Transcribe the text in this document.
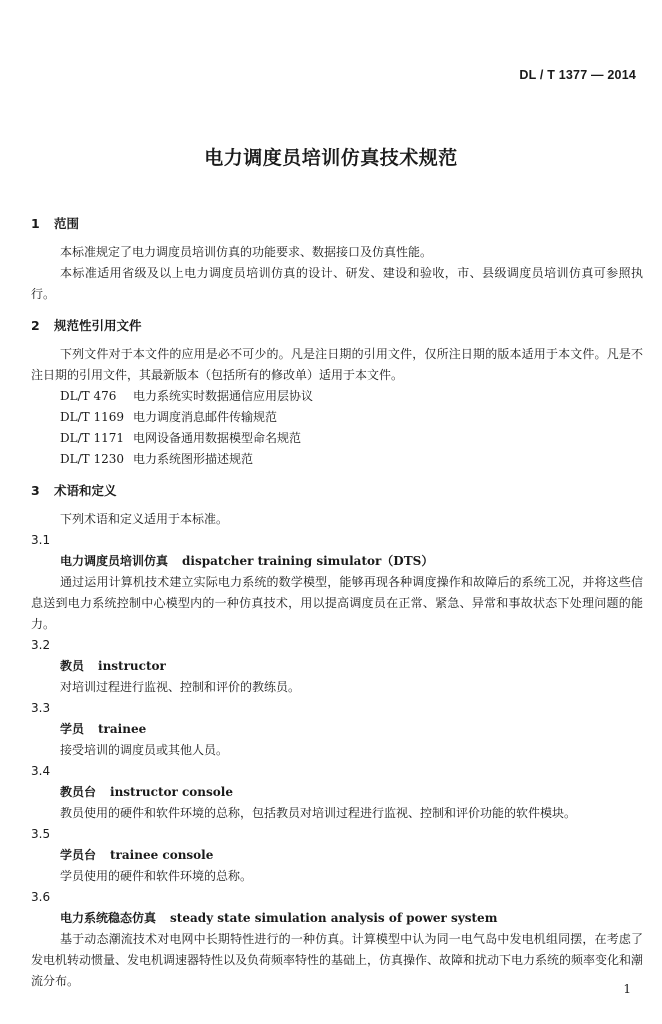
DL / T 1377 — 2014
电力调度员培训仿真技术规范

1 范围

本标准规定了电力调度员培训仿真的功能要求、数据接口及仿真性能。

本标准适用省级及以上电力调度员培训仿真的设计、研发、建设和验收，市、县级调度员培训仿真可参照执行。

2 规范性引用文件

下列文件对于本文件的应用是必不可少的。凡是注日期的引用文件，仅所注日期的版本适用于本文件。凡是不注日期的引用文件，其最新版本（包括所有的修改单）适用于本文件。

DL/T 476 电力系统实时数据通信应用层协议

DL/T 1169 电力调度消息邮件传输规范

DL/T 1171 电网设备通用数据模型命名规范

DL/T 1230 电力系统图形描述规范

3 术语和定义

下列术语和定义适用于本标准。

3.1

电力调度员培训仿真 dispatcher training simulator（DTS）

通过运用计算机技术建立实际电力系统的数学模型，能够再现各种调度操作和故障后的系统工况，并将这些信息送到电力系统控制中心模型内的一种仿真技术，用以提高调度员在正常、紧急、异常和事故状态下处理问题的能力。

3.2

教员 instructor

对培训过程进行监视、控制和评价的教练员。

3.3

学员 trainee

接受培训的调度员或其他人员。

3.4

教员台 instructor console

教员使用的硬件和软件环境的总称，包括教员对培训过程进行监视、控制和评价功能的软件模块。

3.5

学员台 trainee console

学员使用的硬件和软件环境的总称。

3.6

电力系统稳态仿真 steady state simulation analysis of power system

基于动态潮流技术对电网中长期特性进行的一种仿真。计算模型中认为同一电气岛中发电机组同摆，在考虑了发电机转动惯量、发电机调速器特性以及负荷频率特性的基础上，仿真操作、故障和扰动下电力系统的频率变化和潮流分布。

1
